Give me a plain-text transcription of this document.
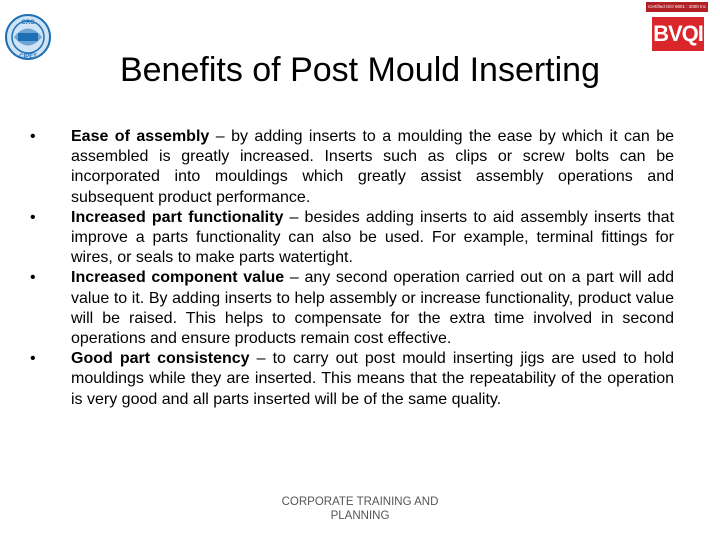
CRC
CIPET
Certified ISO 9001 : 2000 Inc
BVQI
Benefits of Post Mould Inserting
• Ease of assembly – by adding inserts to a moulding the ease by which it can be assembled is greatly increased. Inserts such as clips or screw bolts can be incorporated into mouldings which greatly assist assembly operations and subsequent product performance.
• Increased part functionality – besides adding inserts to aid assembly inserts that improve a parts functionality can also be used. For example, terminal fittings for wires, or seals to make parts watertight.
• Increased component value – any second operation carried out on a part will add value to it. By adding inserts to help assembly or increase functionality, product value will be raised. This helps to compensate for the extra time involved in second operations and ensure products remain cost effective.
• Good part consistency – to carry out post mould inserting jigs are used to hold mouldings while they are inserted. This means that the repeatability of the operation is very good and all parts inserted will be of the same quality.
CORPORATE TRAINING AND PLANNING
